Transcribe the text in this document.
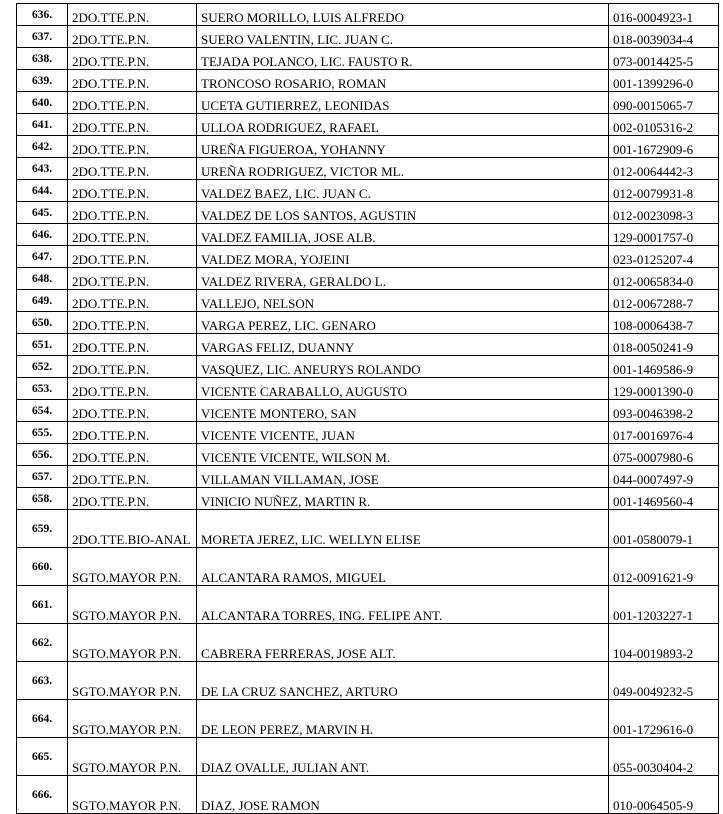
636.	2DO.TTE.P.N.	SUERO MORILLO, LUIS ALFREDO	016-0004923-1
637.	2DO.TTE.P.N.	SUERO VALENTIN, LIC. JUAN C.	018-0039034-4
638.	2DO.TTE.P.N.	TEJADA POLANCO, LIC. FAUSTO R.	073-0014425-5
639.	2DO.TTE.P.N.	TRONCOSO ROSARIO, ROMAN	001-1399296-0
640.	2DO.TTE.P.N.	UCETA GUTIERREZ, LEONIDAS	090-0015065-7
641.	2DO.TTE.P.N.	ULLOA RODRIGUEZ, RAFAEL	002-0105316-2
642.	2DO.TTE.P.N.	UREÑA FIGUEROA, YOHANNY	001-1672909-6
643.	2DO.TTE.P.N.	UREÑA RODRIGUEZ, VICTOR ML.	012-0064442-3
644.	2DO.TTE.P.N.	VALDEZ BAEZ, LIC. JUAN C.	012-0079931-8
645.	2DO.TTE.P.N.	VALDEZ DE LOS SANTOS, AGUSTIN	012-0023098-3
646.	2DO.TTE.P.N.	VALDEZ FAMILIA, JOSE ALB.	129-0001757-0
647.	2DO.TTE.P.N.	VALDEZ MORA, YOJEINI	023-0125207-4
648.	2DO.TTE.P.N.	VALDEZ RIVERA, GERALDO L.	012-0065834-0
649.	2DO.TTE.P.N.	VALLEJO, NELSON	012-0067288-7
650.	2DO.TTE.P.N.	VARGA PEREZ, LIC. GENARO	108-0006438-7
651.	2DO.TTE.P.N.	VARGAS FELIZ, DUANNY	018-0050241-9
652.	2DO.TTE.P.N.	VASQUEZ, LIC. ANEURYS ROLANDO	001-1469586-9
653.	2DO.TTE.P.N.	VICENTE CARABALLO, AUGUSTO	129-0001390-0
654.	2DO.TTE.P.N.	VICENTE MONTERO, SAN	093-0046398-2
655.	2DO.TTE.P.N.	VICENTE VICENTE, JUAN	017-0016976-4
656.	2DO.TTE.P.N.	VICENTE VICENTE, WILSON M.	075-0007980-6
657.	2DO.TTE.P.N.	VILLAMAN VILLAMAN, JOSE	044-0007497-9
658.	2DO.TTE.P.N.	VINICIO NUÑEZ, MARTIN R.	001-1469560-4
659.	2DO.TTE.BIO-ANAL	MORETA JEREZ, LIC. WELLYN ELISE	001-0580079-1
660.	SGTO.MAYOR P.N.	ALCANTARA RAMOS, MIGUEL	012-0091621-9
661.	SGTO.MAYOR P.N.	ALCANTARA TORRES, ING. FELIPE ANT.	001-1203227-1
662.	SGTO.MAYOR P.N.	CABRERA FERRERAS, JOSE ALT.	104-0019893-2
663.	SGTO.MAYOR P.N.	DE LA CRUZ SANCHEZ, ARTURO	049-0049232-5
664.	SGTO.MAYOR P.N.	DE LEON PEREZ, MARVIN H.	001-1729616-0
665.	SGTO.MAYOR P.N.	DIAZ OVALLE, JULIAN ANT.	055-0030404-2
666.	SGTO.MAYOR P.N.	DIAZ, JOSE RAMON	010-0064505-9
